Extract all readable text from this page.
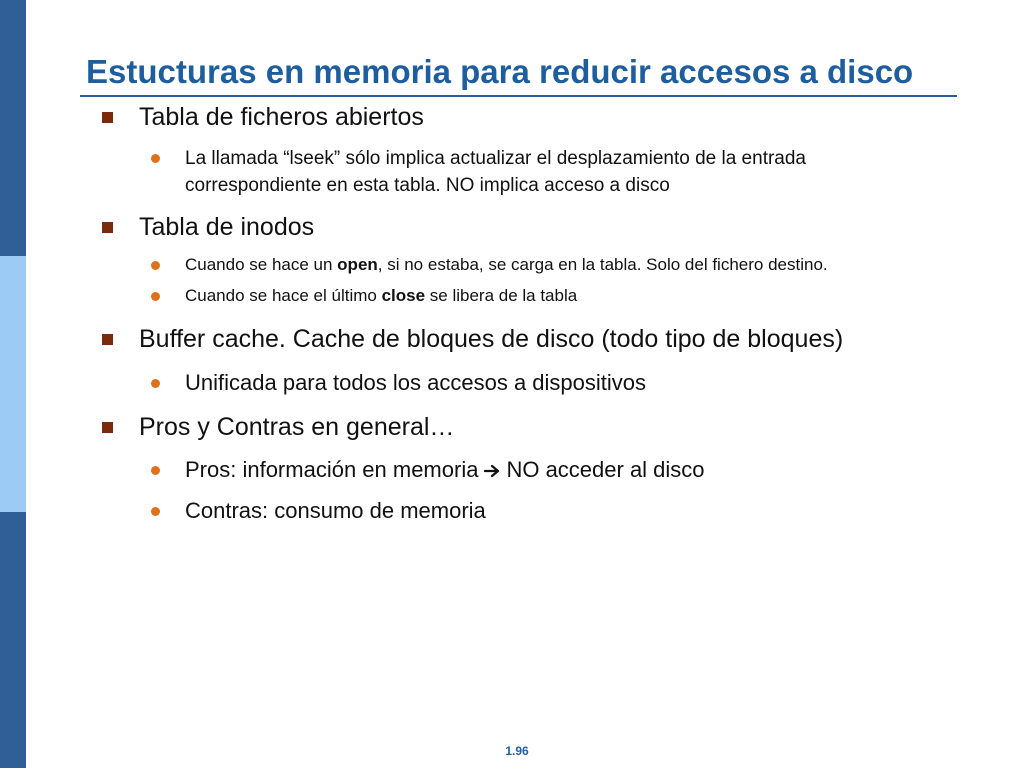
Estucturas en memoria para reducir accesos a disco
Tabla de ficheros abiertos
La llamada “lseek” sólo implica actualizar el desplazamiento de la entrada
correspondiente en esta tabla. NO implica acceso a disco
Tabla de inodos
Cuando se hace un open, si no estaba, se carga en la tabla. Solo del fichero destino.
Cuando se hace el último close se libera de la tabla
Buffer cache. Cache de bloques de disco (todo tipo de bloques)
Unificada para todos los accesos a dispositivos
Pros y Contras en general…
Pros: información en memoria NO acceder al disco
Contras: consumo de memoria
1.96
